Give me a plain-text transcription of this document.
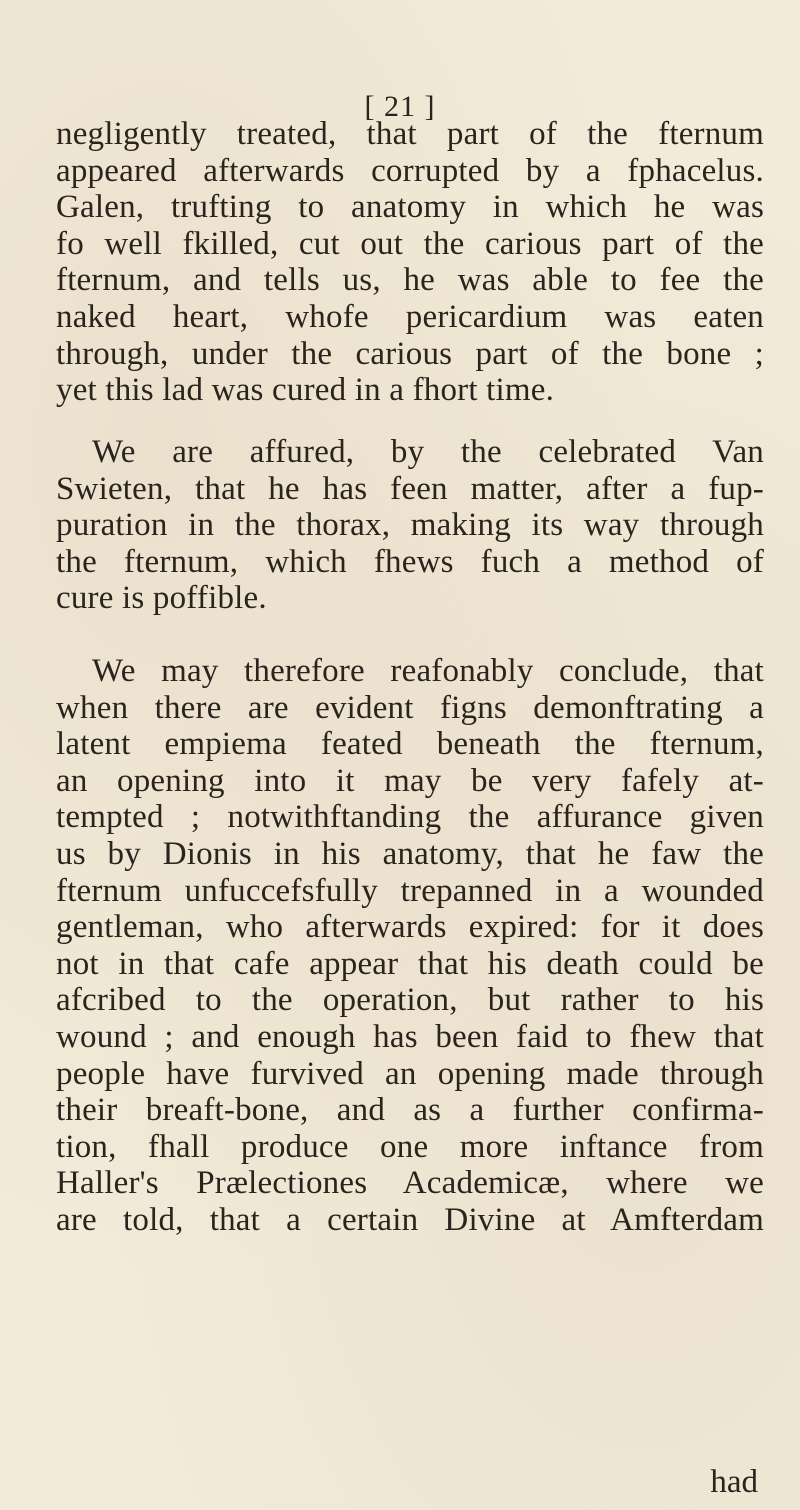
[ 21 ]
negligently treated, that part of the fternum
appeared afterwards corrupted by a fphacelus.
Galen, trufting to anatomy in which he was
fo well fkilled, cut out the carious part of the
fternum, and tells us, he was able to fee the
naked heart, whofe pericardium was eaten
through, under the carious part of the bone ;
yet this lad was cured in a fhort time.
We are affured, by the celebrated Van
Swieten, that he has feen matter, after a fup-
puration in the thorax, making its way through
the fternum, which fhews fuch a method of
cure is poffible.
We may therefore reafonably conclude, that
when there are evident figns demonftrating a
latent empiema feated beneath the fternum,
an opening into it may be very fafely at-
tempted ; notwithftanding the affurance given
us by Dionis in his anatomy, that he faw the
fternum unfuccefsfully trepanned in a wounded
gentleman, who afterwards expired: for it does
not in that cafe appear that his death could be
afcribed to the operation, but rather to his
wound ; and enough has been faid to fhew that
people have furvived an opening made through
their breaft-bone, and as a further confirma-
tion, fhall produce one more inftance from
Haller's Prælectiones Academicæ, where we
are told, that a certain Divine at Amfterdam
had
